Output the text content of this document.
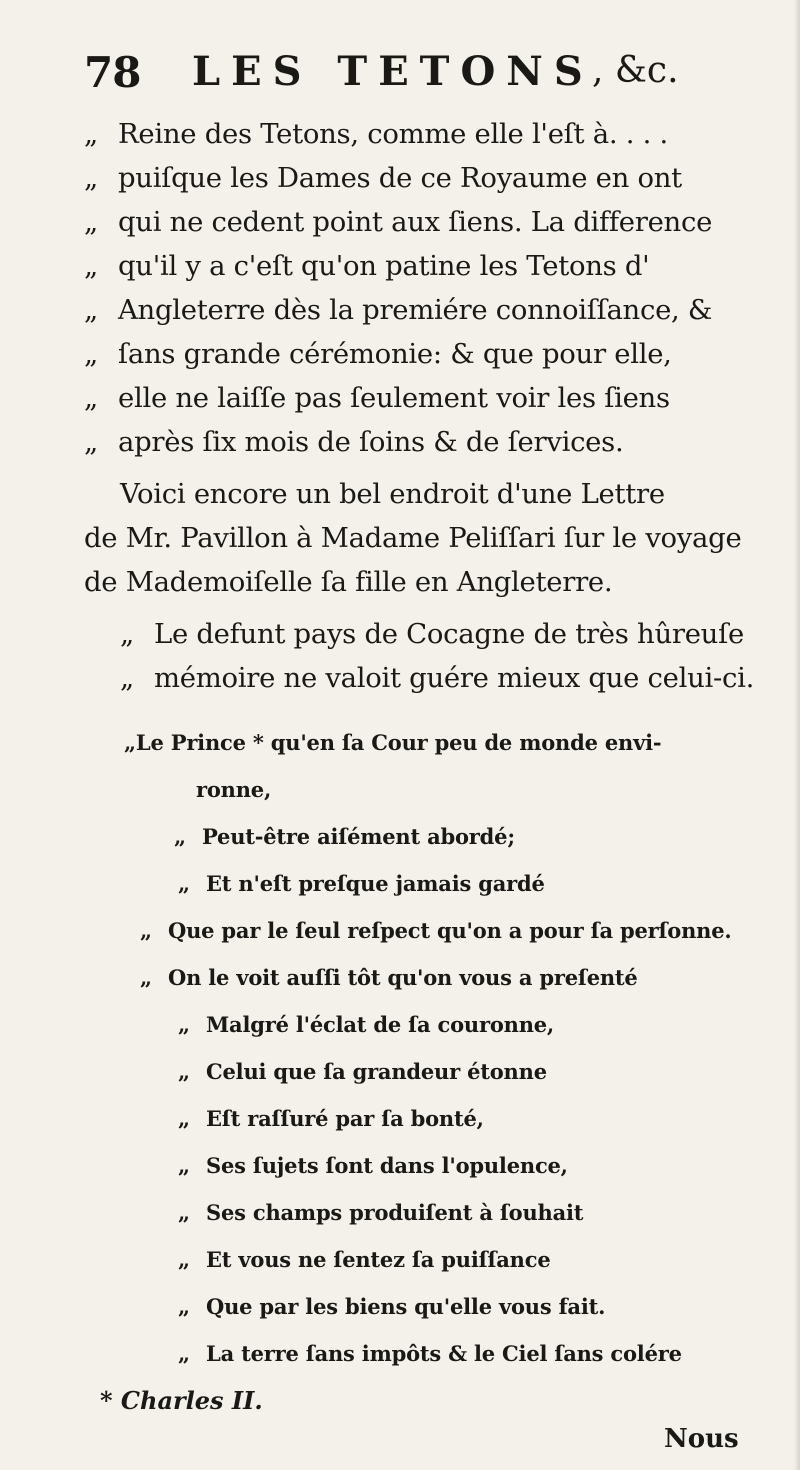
78 LES TETONS
, &c.
„ Reine des Tetons, comme elle l'eſt à. . . .
„ puiſque les Dames de ce Royaume en ont
„ qui ne cedent point aux ſiens. La difference
„ qu'il y a c'eſt qu'on patine les Tetons d'
„ Angleterre dès la premiére connoiſſance, &
„ ſans grande cérémonie: & que pour elle,
„ elle ne laiſſe pas ſeulement voir les ſiens
„ après ſix mois de ſoins & de ſervices.
Voici encore un bel endroit d'une Lettre
de Mr. Pavillon à Madame Peliſſari ſur le voyage
de Mademoiſelle ſa fille en Angleterre.
„ Le defunt pays de Cocagne de très hûreuſe
„ mémoire ne valoit guére mieux que celui-ci.
„Le Prince * qu'en ſa Cour peu de monde envi-
ronne,
„ Peut-être aiſément abordé;
„ Et n'eſt preſque jamais gardé
„ Que par le ſeul reſpect qu'on a pour ſa perſonne.
„ On le voit auſſi tôt qu'on vous a preſenté
„ Malgré l'éclat de ſa couronne,
„ Celui que ſa grandeur étonne
„ Eſt raſſuré par ſa bonté,
„ Ses ſujets ſont dans l'opulence,
„ Ses champs produiſent à ſouhait
„ Et vous ne ſentez ſa puiſſance
„ Que par les biens qu'elle vous fait.
„ La terre ſans impôts & le Ciel ſans colére
* Charles II.
Nous
